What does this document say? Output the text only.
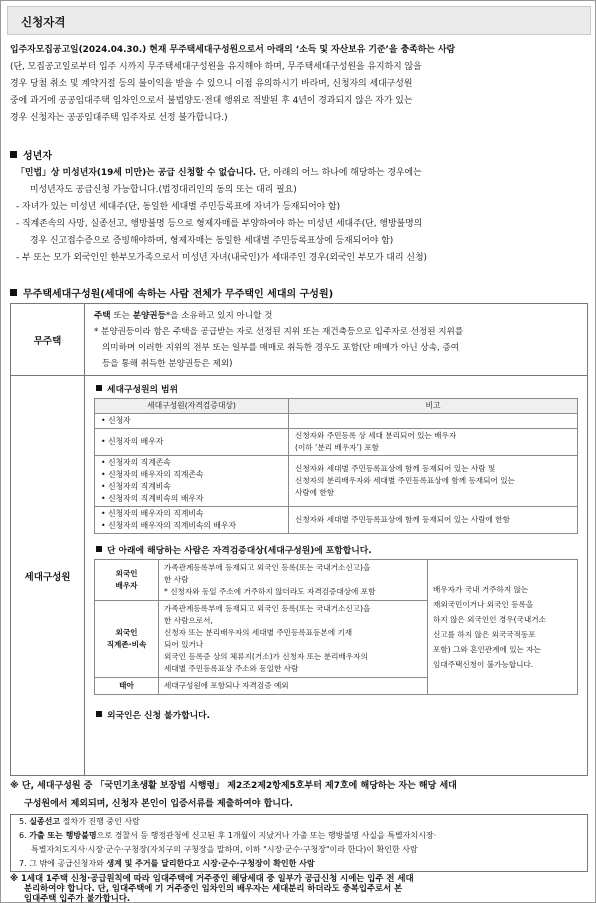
신청자격
입주자모집공고일(2024.04.30.) 현재 무주택세대구성원으로서 아래의 ‘소득 및 자산보유 기준’을 충족하는 사람
(단, 모집공고일로부터 입주 시까지 무주택세대구성원을 유지해야 하며, 무주택세대구성원을 유지하지 않을
경우 당첨 취소 및 계약거절 등의 불이익을 받을 수 있으니 이점 유의하시기 바라며, 신청자의 세대구성원
중에 과거에 공공임대주택 임차인으로서 불법양도·전대 행위로 적발된 후 4년이 경과되지 않은 자가 있는
경우 신청자는 공공임대주택 입주자로 선정 불가합니다.)
성년자
「민법」상 미성년자(19세 미만)는 공급 신청할 수 없습니다. 단, 아래의 어느 하나에 해당하는 경우에는
미성년자도 공급신청 가능합니다.(법정대리인의 동의 또는 대리 필요)
- 자녀가 있는 미성년 세대주(단, 동일한 세대별 주민등록표에 자녀가 등재되어야 함)
- 직계존속의 사망, 실종선고, 행방불명 등으로 형제자매를 부양하여야 하는 미성년 세대주(단, 행방불명의
경우 신고접수증으로 증빙해야하며, 형제자매는 동일한 세대별 주민등록표상에 등재되어야 함)
- 부 또는 모가 외국인인 한부모가족으로서 미성년 자녀(내국인)가 세대주인 경우(외국인 부모가 대리 신청)
무주택세대구성원(세대에 속하는 사람 전체가 무주택인 세대의 구성원)
무주택	
주택 또는 분양권등*을 소유하고 있지 아니할 것
* 분양권등이라 함은 주택을 공급받는 자로 선정된 지위 또는 재건축등으로 입주자로 선정된 지위를
의미하며 이러한 지위의 전부 또는 일부를 매매로 취득한 경우도 포함(단 매매가 아닌 상속, 증여
등을 통해 취득한 분양권등은 제외)

세대구성원	
세대구성원의 범위
세대구성원(자격검증대상)	비고

• 신청자

• 신청자의 배우자
	신청자와 주민등록 상 세대 분리되어 있는 배우자
(이하 ‘분리 배우자’) 포함

• 신청자의 직계존속
• 신청자의 배우자의 직계존속
• 신청자의 직계비속
• 신청자의 직계비속의 배우자
	신청자와 세대별 주민등록표상에 함께 등재되어 있는 사람 및
신청자의 분리배우자와 세대별 주민등록표상에 함께 등재되어 있는
사람에 한함

• 신청자의 배우자의 직계비속
• 신청자의 배우자의 직계비속의 배우자
	신청자와 세대별 주민등록표상에 함께 등재되어 있는 사람에 한함
단 아래에 해당하는 사람은 자격검증대상(세대구성원)에 포함합니다.
외국인
배우자	가족관계등록부에 등재되고 외국인 등록(또는 국내거소신고)을
한 사람
* 신청자와 동일 주소에 거주하지 않더라도 자격검증대상에 포함	배우자가 국내 거주하지 않는
재외국민이거나 외국인 등록을
하지 않은 외국인인 경우(국내거소
신고를 하지 않은 외국국적동포
포함) 그와 혼인관계에 있는 자는
임대주택신청이 불가능합니다.
외국인
직계존·비속	가족관계등록부에 등재되고 외국인 등록(또는 국내거소신고)을
한 사람으로서,
신청자 또는 분리배우자의 세대별 주민등록표등본에 기재
되어 있거나
외국인 등록증 상의 체류지(거소)가 신청자 또는 분리배우자의
세대별 주민등록표상 주소와 동일한 사람
태아	세대구성원에 포함되나 자격검증 예외
외국인은 신청 불가합니다.
※ 단, 세대구성원 중 「국민기초생활 보장법 시행령」 제2조2제2항제5호부터 제7호에 해당하는 자는 해당 세대
구성원에서 제외되며, 신청자 본인이 입증서류를 제출하여야 합니다.
5. 실종선고 절차가 진행 중인 사람
6. 가출 또는 행방불명으로 경찰서 등 행정관청에 신고된 후 1개월이 지났거나 가출 또는 행방불명 사실을 특별자치시장·
특별자치도지사·시장·군수·구청장(자치구의 구청장을 말하며, 이하 "시장·군수·구청장"이라 한다)이 확인한 사람
7. 그 밖에 공급신청자와 생계 및 주거를 달리한다고 시장·군수·구청장이 확인한 사람
※ 1세대 1주택 신청·공급원칙에 따라 임대주택에 거주중인 해당세대 중 일부가 공급신청 시에는 입주 전 세대
분리하여야 합니다. 단, 임대주택에 기 거주중인 임차인의 배우자는 세대분리 하더라도 중복입주로서 본
임대주택 입주가 불가합니다.
